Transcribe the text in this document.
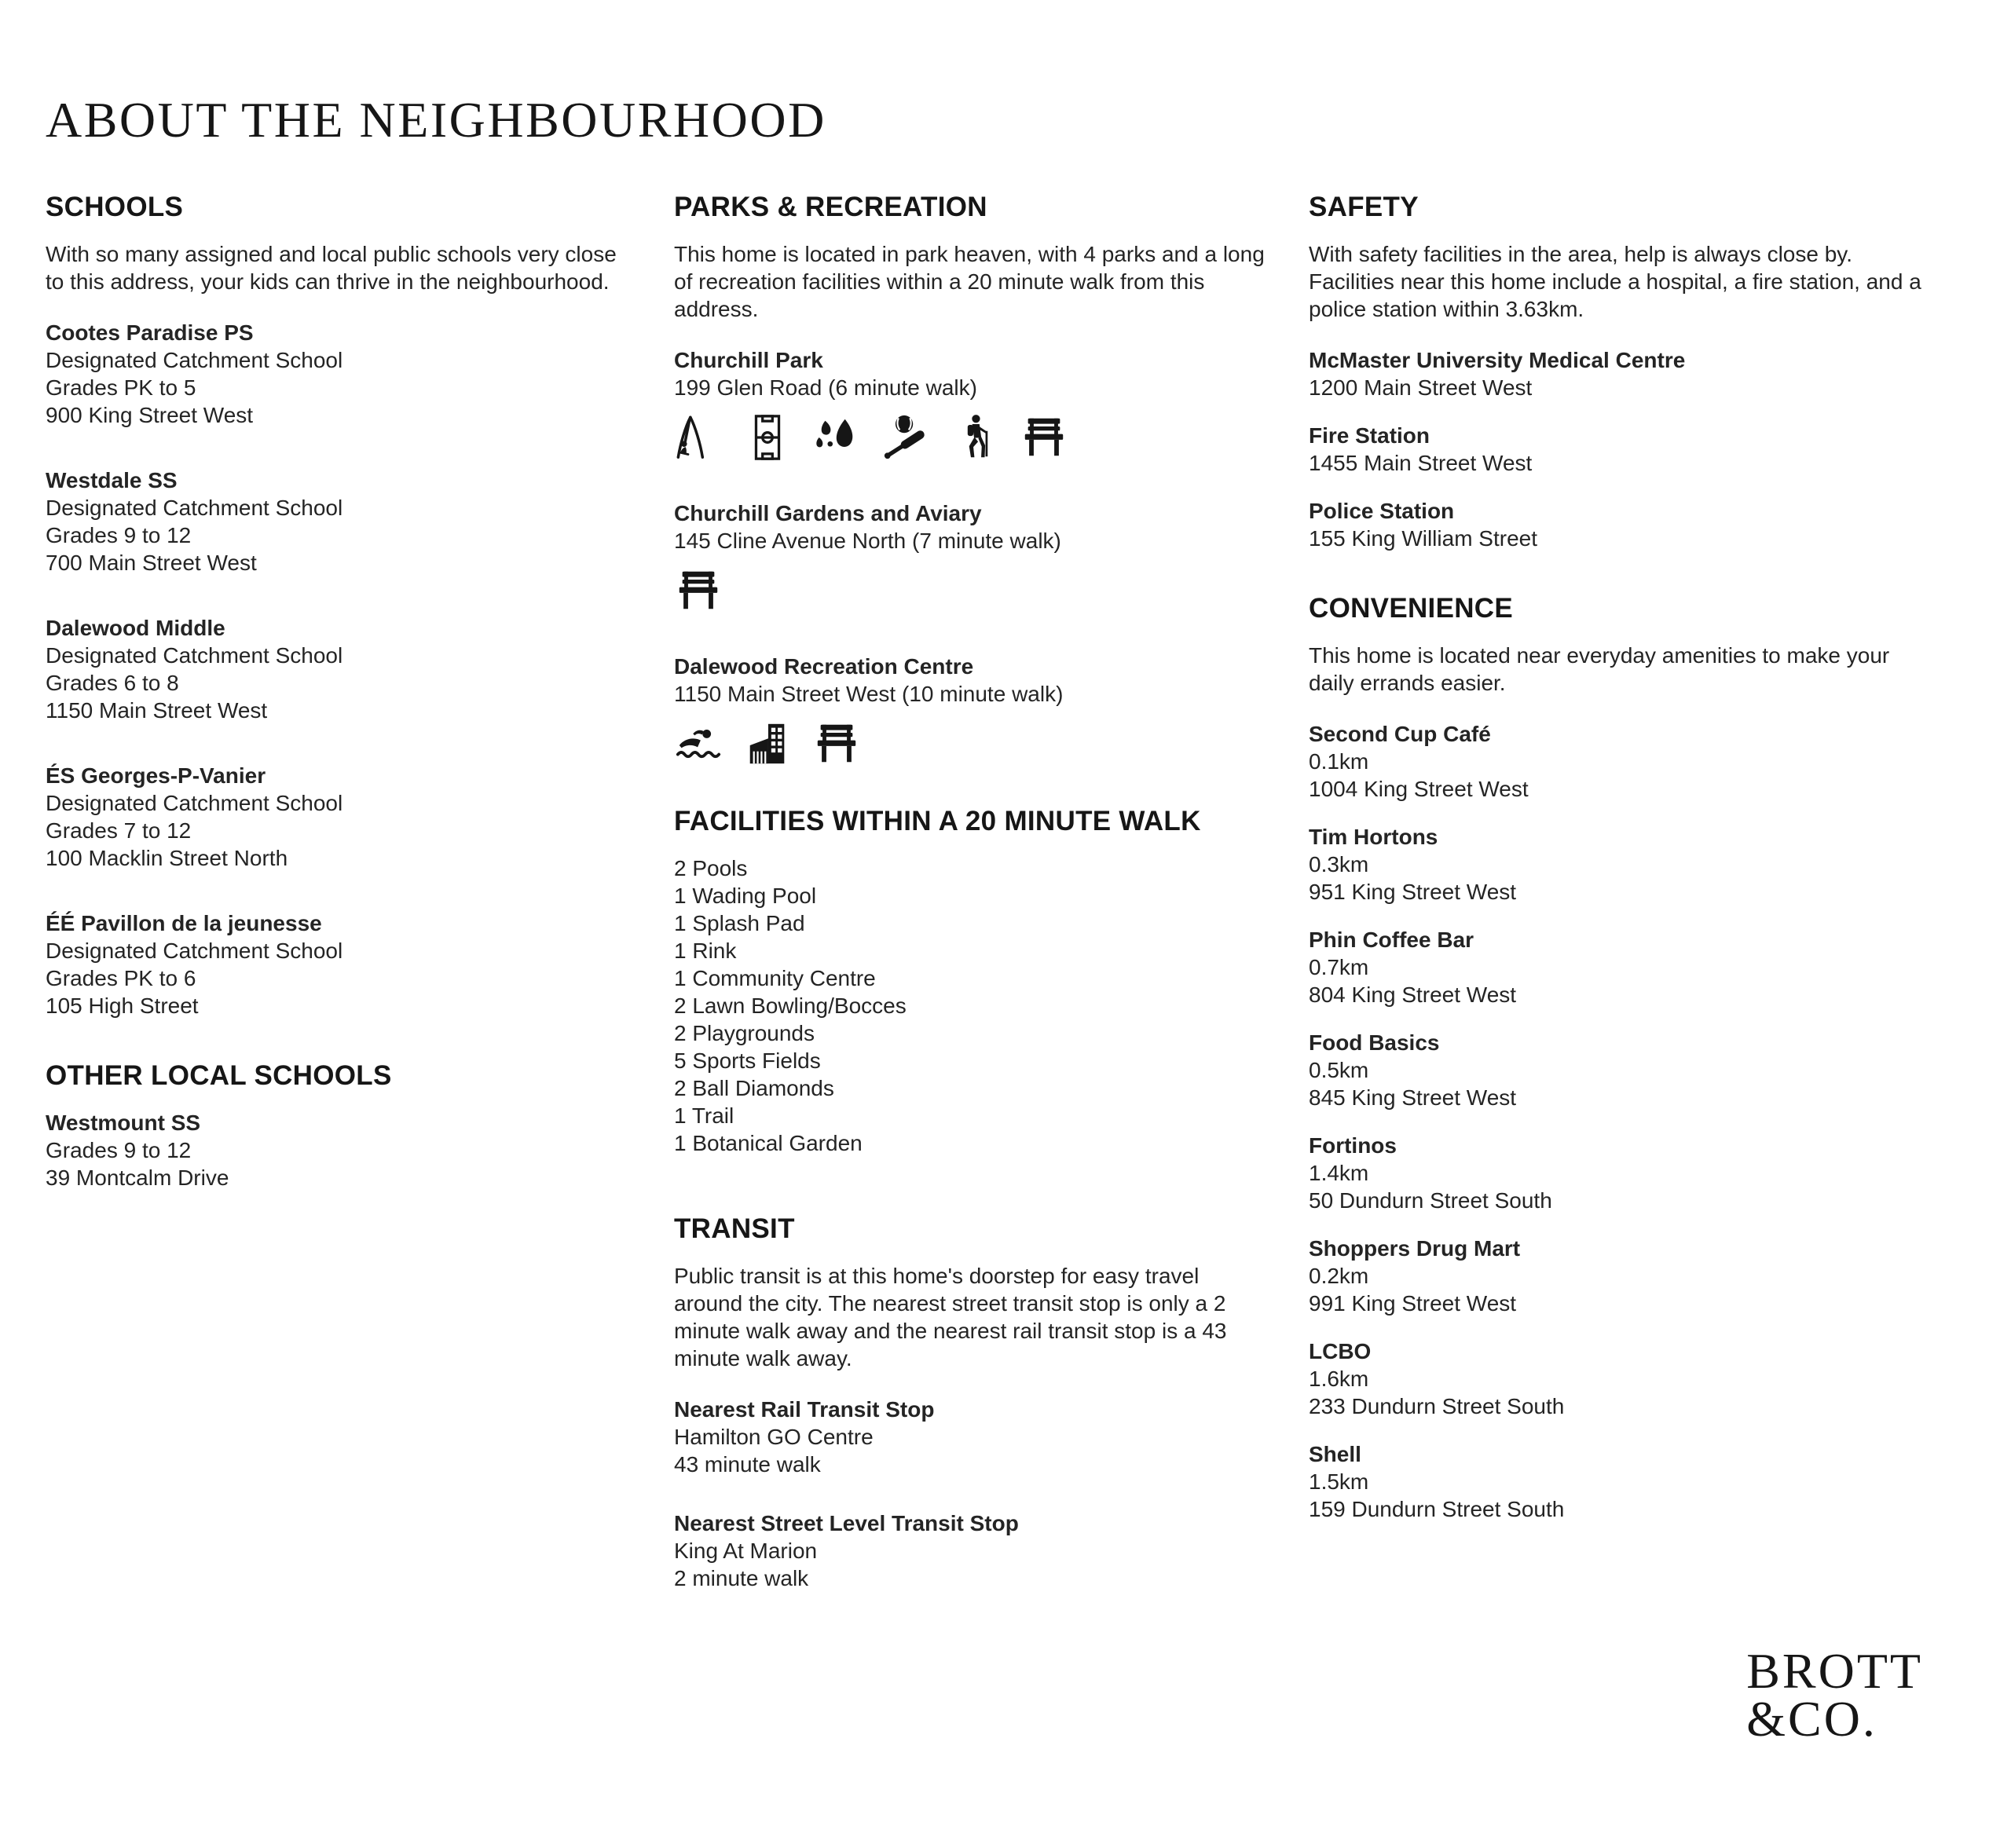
ABOUT THE NEIGHBOURHOOD
SCHOOLS

With so many assigned and local public schools very close to this address, your kids can thrive in the neighbourhood.

Cootes Paradise PS
Designated Catchment School
Grades PK to 5
900 King Street West
Westdale SS
Designated Catchment School
Grades 9 to 12
700 Main Street West
Dalewood Middle
Designated Catchment School
Grades 6 to 8
1150 Main Street West
ÉS Georges-P-Vanier
Designated Catchment School
Grades 7 to 12
100 Macklin Street North
ÉÉ Pavillon de la jeunesse
Designated Catchment School
Grades PK to 6
105 High Street
OTHER LOCAL SCHOOLS
Westmount SS
Grades 9 to 12
39 Montcalm Drive
PARKS & RECREATION

This home is located in park heaven, with 4 parks and a long of recreation facilities within a 20 minute walk from this address.

Churchill Park
199 Glen Road (6 minute walk)
Churchill Gardens and Aviary
145 Cline Avenue North (7 minute walk)
Dalewood Recreation Centre
1150 Main Street West (10 minute walk)
FACILITIES WITHIN A 20 MINUTE WALK
2 Pools
1 Wading Pool
1 Splash Pad
1 Rink
1 Community Centre
2 Lawn Bowling/Bocces
2 Playgrounds
5 Sports Fields
2 Ball Diamonds
1 Trail
1 Botanical Garden
TRANSIT

Public transit is at this home's doorstep for easy travel around the city. The nearest street transit stop is only a 2 minute walk away and the nearest rail transit stop is a 43 minute walk away.

Nearest Rail Transit Stop
Hamilton GO Centre
43 minute walk
Nearest Street Level Transit Stop
King At Marion
2 minute walk
SAFETY

With safety facilities in the area, help is always close by. Facilities near this home include a hospital, a fire station, and a police station within 3.63km.

McMaster University Medical Centre
1200 Main Street West
Fire Station
1455 Main Street West
Police Station
155 King William Street
CONVENIENCE

This home is located near everyday amenities to make your daily errands easier.

Second Cup Café
0.1km
1004 King Street West
Tim Hortons
0.3km
951 King Street West
Phin Coffee Bar
0.7km
804 King Street West
Food Basics
0.5km
845 King Street West
Fortinos
1.4km
50 Dundurn Street South
Shoppers Drug Mart
0.2km
991 King Street West
LCBO
1.6km
233 Dundurn Street South
Shell
1.5km
159 Dundurn Street South
BROTT
&CO.
